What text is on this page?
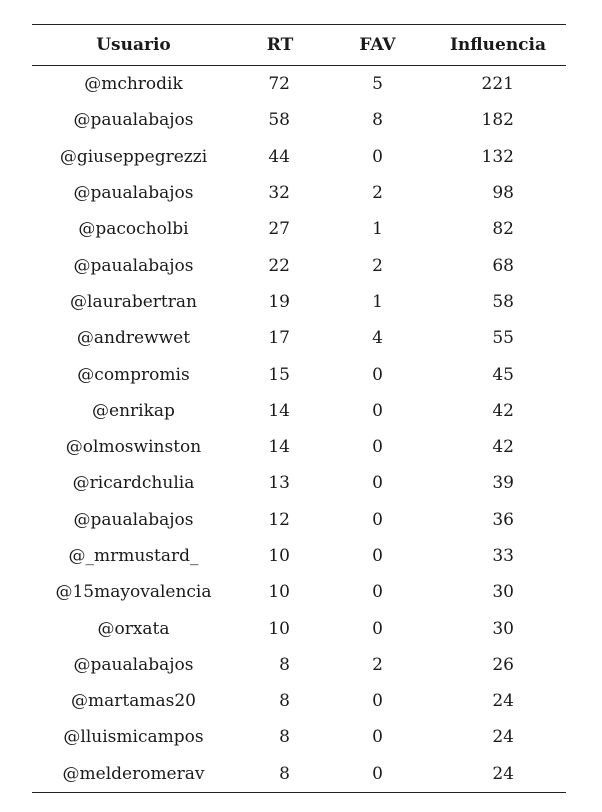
Usuario	RT	FAV	Influencia
@mchrodik	72	5	221
@paualabajos	58	8	182
@giuseppegrezzi	44	0	132
@paualabajos	32	2	98
@pacocholbi	27	1	82
@paualabajos	22	2	68
@laurabertran	19	1	58
@andrewwet	17	4	55
@compromis	15	0	45
@enrikap	14	0	42
@olmoswinston	14	0	42
@ricardchulia	13	0	39
@paualabajos	12	0	36
@_mrmustard_	10	0	33
@15mayovalencia	10	0	30
@orxata	10	0	30
@paualabajos	8	2	26
@martamas20	8	0	24
@lluismicampos	8	0	24
@melderomerav	8	0	24
